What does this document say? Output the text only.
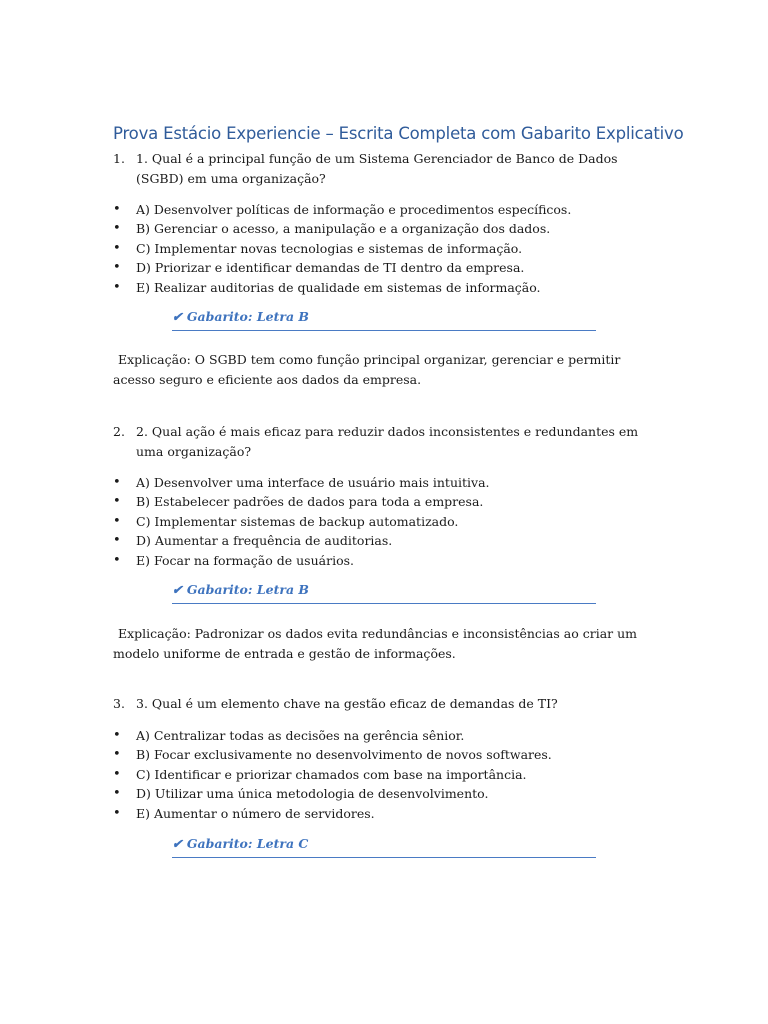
Prova Estácio Experiencie – Escrita Completa com Gabarito Explicativo
1. 1. Qual é a principal função de um Sistema Gerenciador de Banco de Dados (SGBD) em uma organização?
• A) Desenvolver políticas de informação e procedimentos específicos.
• B) Gerenciar o acesso, a manipulação e a organização dos dados.
• C) Implementar novas tecnologias e sistemas de informação.
• D) Priorizar e identificar demandas de TI dentro da empresa.
• E) Realizar auditorias de qualidade em sistemas de informação.
✔ Gabarito: Letra B
Explicação: O SGBD tem como função principal organizar, gerenciar e permitir acesso seguro e eficiente aos dados da empresa.
2. 2. Qual ação é mais eficaz para reduzir dados inconsistentes e redundantes em uma organização?
• A) Desenvolver uma interface de usuário mais intuitiva.
• B) Estabelecer padrões de dados para toda a empresa.
• C) Implementar sistemas de backup automatizado.
• D) Aumentar a frequência de auditorias.
• E) Focar na formação de usuários.
✔ Gabarito: Letra B
Explicação: Padronizar os dados evita redundâncias e inconsistências ao criar um modelo uniforme de entrada e gestão de informações.
3. 3. Qual é um elemento chave na gestão eficaz de demandas de TI?
• A) Centralizar todas as decisões na gerência sênior.
• B) Focar exclusivamente no desenvolvimento de novos softwares.
• C) Identificar e priorizar chamados com base na importância.
• D) Utilizar uma única metodologia de desenvolvimento.
• E) Aumentar o número de servidores.
✔ Gabarito: Letra C
